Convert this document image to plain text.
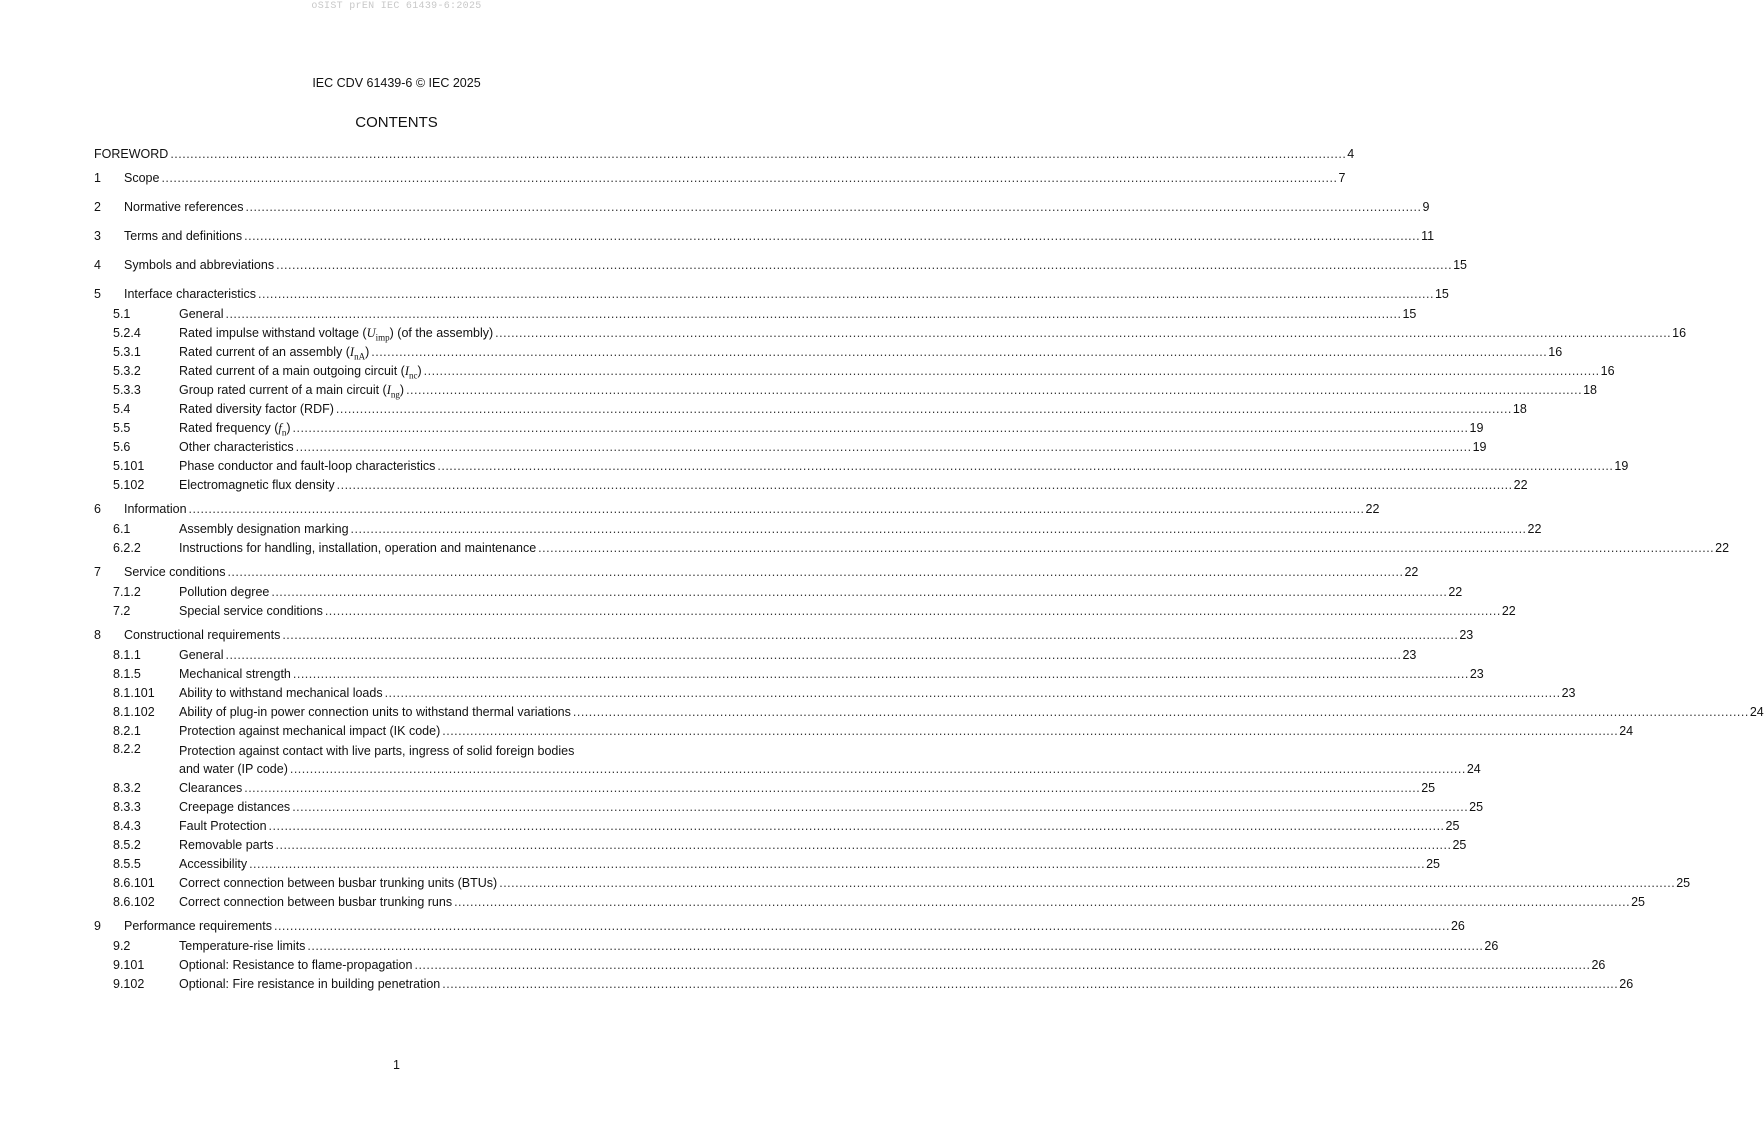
oSIST prEN IEC 61439-6:2025
IEC CDV 61439-6 © IEC 2025
CONTENTS
FOREWORD .....	4
1	Scope .....	7
2	Normative references .....	9
3	Terms and definitions .....	11
4	Symbols and abbreviations .....	15
5	Interface characteristics .....	15
5.1	General .....	15
5.2.4	Rated impulse withstand voltage $(U_{imp})$ (of the assembly) .....	16
5.3.1	Rated current of an assembly $(I_{nA})$ .....	16
5.3.2	Rated current of a main outgoing circuit $(I_{nc})$ .....	16
5.3.3	Group rated current of a main circuit $(I_{ng})$ .....	18
5.4	Rated diversity factor (RDF) .....	18
5.5	Rated frequency $(f_n)$ .....	19
5.6	Other characteristics .....	19
5.101	Phase conductor and fault-loop characteristics .....	19
5.102	Electromagnetic flux density .....	22
6	Information .....	22
6.1	Assembly designation marking .....	22
6.2.2	Instructions for handling, installation, operation and maintenance .....	22
7	Service conditions .....	22
7.1.2	Pollution degree .....	22
7.2	Special service conditions .....	22
8	Constructional requirements .....	23
8.1.1	General .....	23
8.1.5	Mechanical strength .....	23
8.1.101	Ability to withstand mechanical loads .....	23
8.1.102	Ability of plug-in power connection units to withstand thermal variations .....	24
8.2.1	Protection against mechanical impact (IK code) .....	24
8.2.2	Protection against contact with live parts, ingress of solid foreign bodies
and water (IP code) .....	24
8.3.2	Clearances .....	25
8.3.3	Creepage distances .....	25
8.4.3	Fault Protection .....	25
8.5.2	Removable parts .....	25
8.5.5	Accessibility .....	25
8.6.101	Correct connection between busbar trunking units (BTUs) .....	25
8.6.102	Correct connection between busbar trunking runs .....	25
9	Performance requirements .....	26
9.2	Temperature-rise limits .....	26
9.101	Optional: Resistance to flame-propagation .....	26
9.102	Optional: Fire resistance in building penetration .....	26
1
